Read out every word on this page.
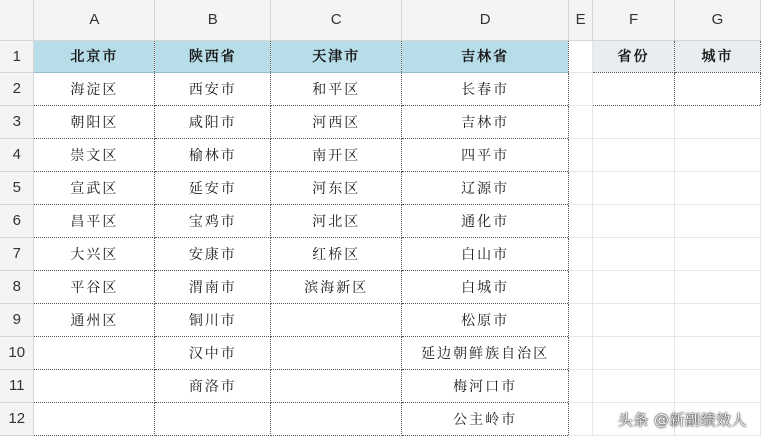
	A	B	C	D	E	F	G
1	北京市	陕西省	天津市	吉林省		省份	城市
2	海淀区	西安市	和平区	长春市			
3	朝阳区	咸阳市	河西区	吉林市			
4	崇文区	榆林市	南开区	四平市			
5	宣武区	延安市	河东区	辽源市			
6	昌平区	宝鸡市	河北区	通化市			
7	大兴区	安康市	红桥区	白山市			
8	平谷区	渭南市	滨海新区	白城市			
9	通州区	铜川市		松原市			
10		汉中市		延边朝鲜族自治区			
11		商洛市		梅河口市			
12				公主岭市				头条 @新副绩效人
